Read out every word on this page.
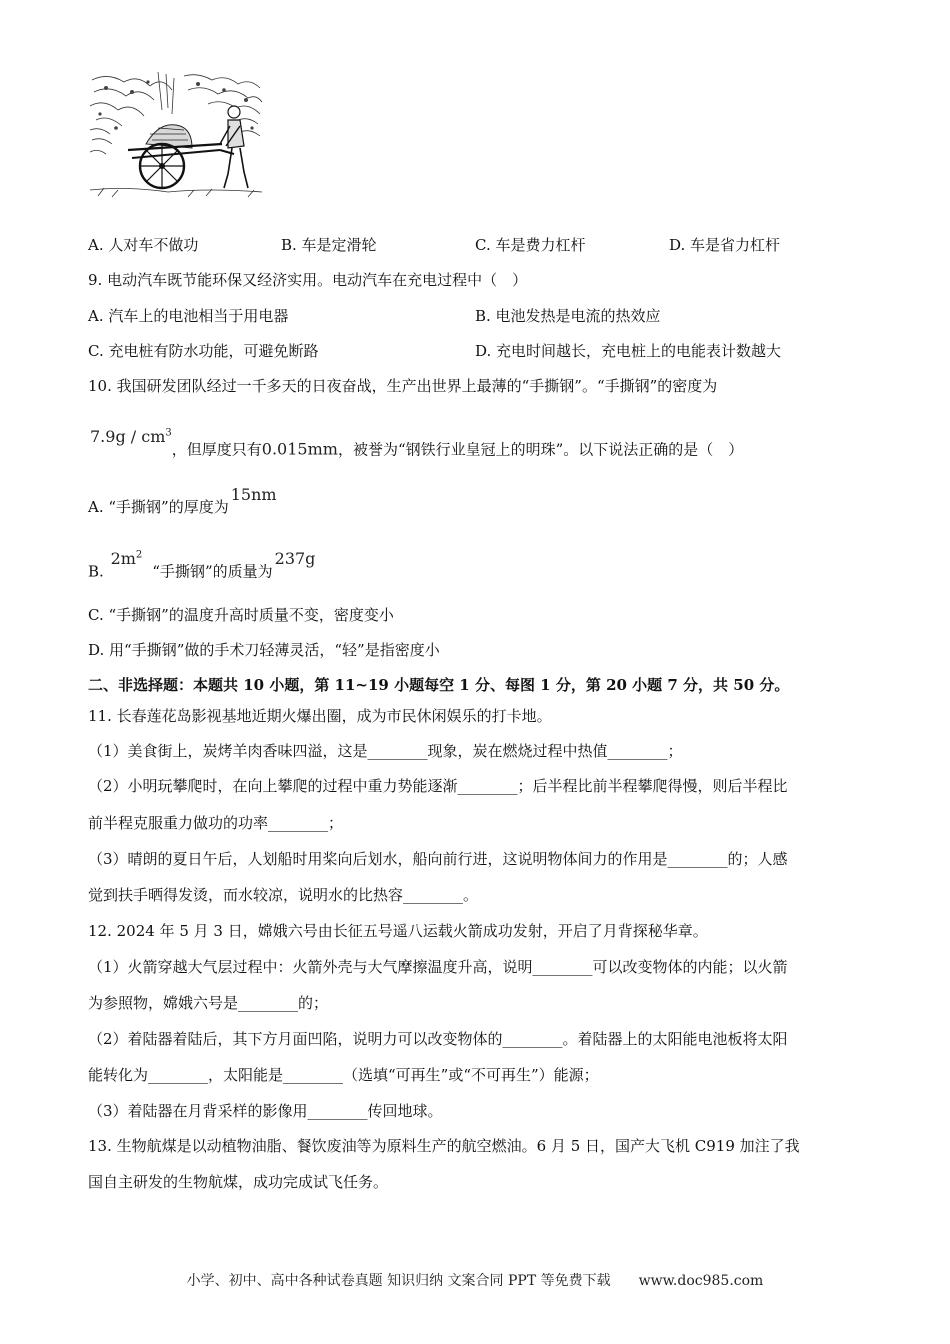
A. 人对车不做功	B. 车是定滑轮	C. 车是费力杠杆	D. 车是省力杠杆
9. 电动汽车既节能环保又经济实用。电动汽车在充电过程中（　）
A. 汽车上的电池相当于用电器	B. 电池发热是电流的热效应
C. 充电桩有防水功能，可避免断路	D. 充电时间越长，充电桩上的电能表计数越大
10. 我国研发团队经过一千多天的日夜奋战，生产出世界上最薄的“手撕钢”。“手撕钢”的密度为
$7.9g / cm^3$，但厚度只有0.015mm，被誉为“钢铁行业皇冠上的明珠”。以下说法正确的是（　）
A. “手撕钢”的厚度为15nm
B. $2m^2“$手撕钢”的质量为237g
C. “手撕钢”的温度升高时质量不变，密度变小
D. 用“手撕钢”做的手术刀轻薄灵活，“轻”是指密度小
二、非选择题：本题共 10 小题，第 11~19 小题每空 1 分、每图 1 分，第 20 小题 7 分，共 50 分。
11. 长春莲花岛影视基地近期火爆出圈，成为市民休闲娱乐的打卡地。
（1）美食街上，炭烤羊肉香味四溢，这是________现象，炭在燃烧过程中热值________；
（2）小明玩攀爬时，在向上攀爬的过程中重力势能逐渐________；后半程比前半程攀爬得慢，则后半程比
前半程克服重力做功的功率________；
（3）晴朗的夏日午后，人划船时用桨向后划水，船向前行进，这说明物体间力的作用是________的；人感
觉到扶手晒得发烫，而水较凉，说明水的比热容________。
12. 2024 年 5 月 3 日，嫦娥六号由长征五号遥八运载火箭成功发射，开启了月背探秘华章。
（1）火箭穿越大气层过程中：火箭外壳与大气摩擦温度升高，说明________可以改变物体的内能；以火箭
为参照物，嫦娥六号是________的；
（2）着陆器着陆后，其下方月面凹陷，说明力可以改变物体的________。着陆器上的太阳能电池板将太阳
能转化为________，太阳能是________（选填“可再生”或“不可再生”）能源；
（3）着陆器在月背采样的影像用________传回地球。
13. 生物航煤是以动植物油脂、餐饮废油等为原料生产的航空燃油。6 月 5 日，国产大飞机 C919 加注了我
国自主研发的生物航煤，成功完成试飞任务。
小学、初中、高中各种试卷真题 知识归纳 文案合同 PPT 等免费下载 www.doc985.com
